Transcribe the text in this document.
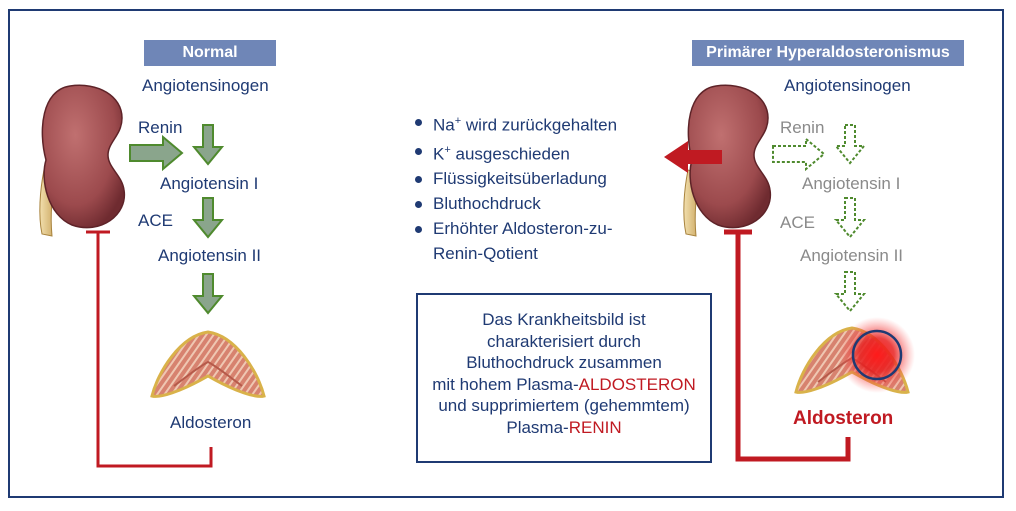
Normal
Angiotensinogen
Renin
Angiotensin I
ACE
Angiotensin II
Aldosteron
Primärer Hyperaldosteronismus
Angiotensinogen
Renin
Angiotensin I
ACE
Angiotensin II
Aldosteron
Na+ wird zurückgehalten
K+ ausgeschieden
Flüssigkeitsüberladung
Bluthochdruck
Erhöhter Aldosteron-zu-
Renin-Qotient
Das Krankheitsbild ist
charakterisiert durch
Bluthochdruck zusammen
mit hohem Plasma-ALDOSTERON
und supprimiertem (gehemmtem)
Plasma-RENIN
